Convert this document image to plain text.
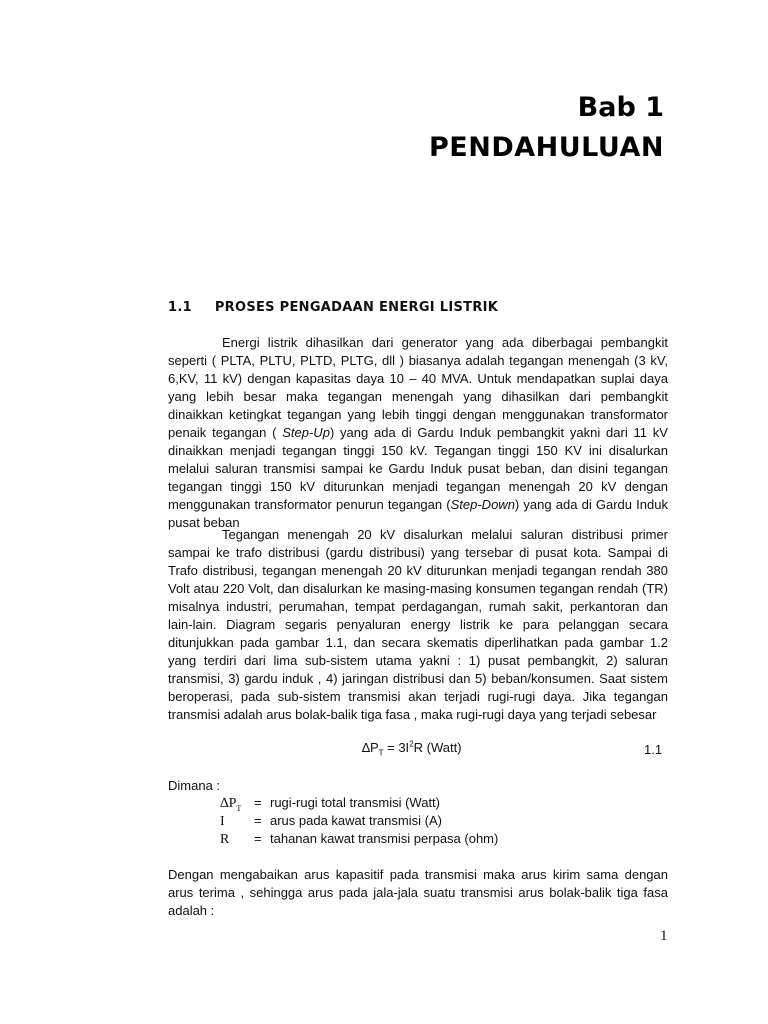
Bab 1
PENDAHULUAN
1.1 PROSES PENGADAAN ENERGI LISTRIK
Energi listrik dihasilkan dari generator yang ada diberbagai pembangkit seperti ( PLTA, PLTU, PLTD, PLTG, dll ) biasanya adalah tegangan menengah (3 kV, 6,KV, 11 kV) dengan kapasitas daya 10 – 40 MVA. Untuk mendapatkan suplai daya yang lebih besar maka tegangan menengah yang dihasilkan dari pembangkit dinaikkan ketingkat tegangan yang lebih tinggi dengan menggunakan transformator penaik tegangan ( Step-Up) yang ada di Gardu Induk pembangkit yakni dari 11 kV dinaikkan menjadi tegangan tinggi 150 kV. Tegangan tinggi 150 KV ini disalurkan melalui saluran transmisi sampai ke Gardu Induk pusat beban, dan disini tegangan tegangan tinggi 150 kV diturunkan menjadi tegangan menengah 20 kV dengan menggunakan transformator penurun tegangan (Step-Down) yang ada di Gardu Induk pusat beban
Tegangan menengah 20 kV disalurkan melalui saluran distribusi primer sampai ke trafo distribusi (gardu distribusi) yang tersebar di pusat kota. Sampai di Trafo distribusi, tegangan menengah 20 kV diturunkan menjadi tegangan rendah 380 Volt atau 220 Volt, dan disalurkan ke masing-masing konsumen tegangan rendah (TR) misalnya industri, perumahan, tempat perdagangan, rumah sakit, perkantoran dan lain-lain. Diagram segaris penyaluran energy listrik ke para pelanggan secara ditunjukkan pada gambar 1.1, dan secara skematis diperlihatkan pada gambar 1.2 yang terdiri dari lima sub-sistem utama yakni : 1) pusat pembangkit, 2) saluran transmisi, 3) gardu induk , 4) jaringan distribusi dan 5) beban/konsumen. Saat sistem beroperasi, pada sub-sistem transmisi akan terjadi rugi-rugi daya. Jika tegangan transmisi adalah arus bolak-balik tiga fasa , maka rugi-rugi daya yang terjadi sebesar
$\Delta P_T = 3I^2R$ (Watt)	1.1
Dimana :
$\Delta P_T$ = rugi-rugi total transmisi (Watt)
I	= arus pada kawat transmisi (A)
R	= tahanan kawat transmisi perpasa (ohm)
Dengan mengabaikan arus kapasitif pada transmisi maka arus kirim sama dengan arus terima , sehingga arus pada jala-jala suatu transmisi arus bolak-balik tiga fasa adalah :
1
